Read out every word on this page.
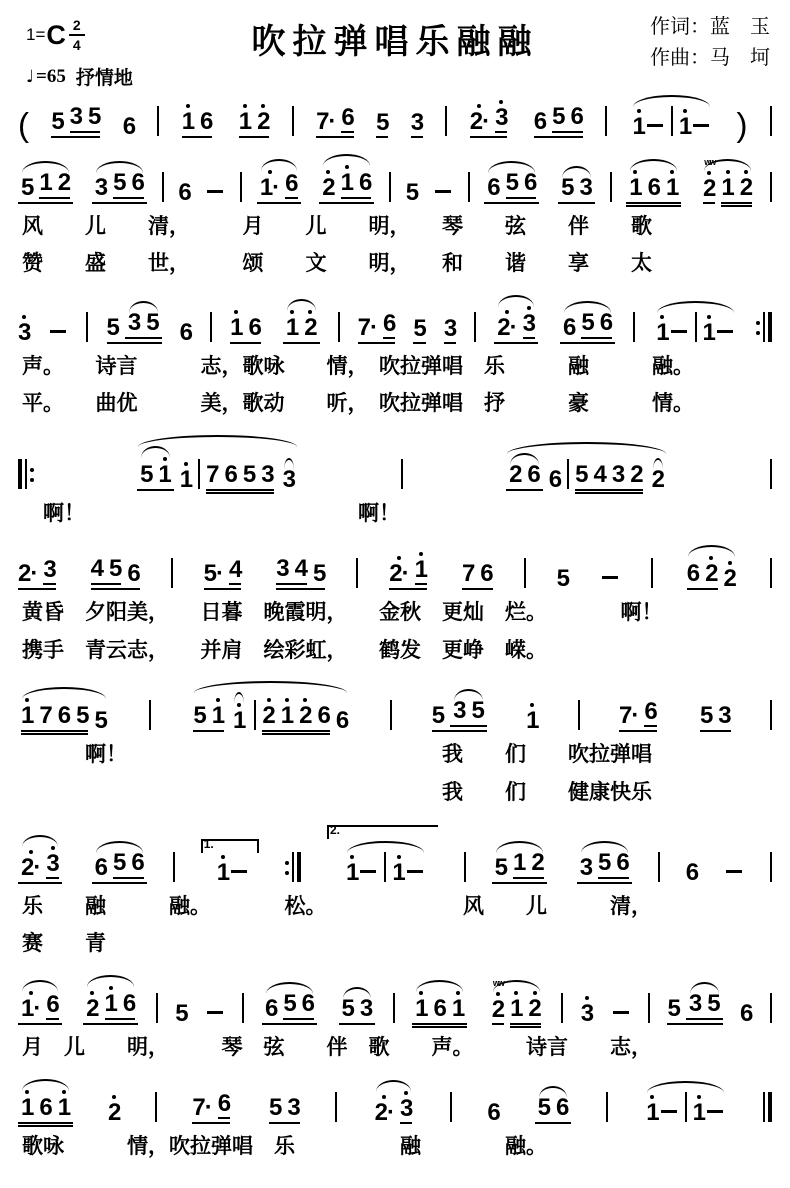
1= C $\frac{2}{4}$	吹拉弹唱乐融融	作词：蓝　玉
作曲：马　坷
♩ =65 抒情地
( 5 3 5 6 1 6 1 2 7· 6 5 3 2· 3 6 5 6 1 1 )
5 1 2 3 5 6 6	1· 6 2 1 6 5	6 5 6 5 3 1 6 1
ww
2 1 2
风　　儿　　清，　　　月　　儿　　明，　　琴　　弦　　伴　　歌
赞　　盛　　世，　　　颂　　文　　明，　　和　　谐　　享　　太
3	5 3 5 6 1 6 1 2 7· 6 5 3 2· 3 6 5 6 1 1
声。　　诗言　　　志，歌咏　　情，　吹拉弹唱　乐　　　融　　　融。
平。　　曲优　　　美，歌动　　听，　吹拉弹唱　抒　　　豪　　　情。
5 1 1 7 6 5 3 3	2 6 6 5 4 3 2 2
　啊！　　　　　　　　　　　　　啊！
2· 3 4 5 6	5· 4 3 4 5	2· 1 7 6	5	6 2 2
黄昏　夕阳美，　　日暮　晚霞明，　　金秋　更灿　烂。　　　　啊！
携手　青云志，　　并肩　绘彩虹，　　鹤发　更峥　嵘。
1 7 6 5 5	5 1 1 2 1 2 6 6	5 3 5 1	7· 6 5 3
　　　啊！　　　　　　　　　　　　　　　我　　们　　吹拉弹唱
　　　　　　　　　　　　　　　　　　　　我　　们　　健康快乐
2· 3 6 5 6
1.
1
2.
1 1	5 1 2 3 5 6 6
乐　　融　　　融。　　　　松。　　　　　　　风　　儿　　　清，
赛　　青
1· 6 2 1 6 5	6 5 6 5 3 1 6 1
ww
2 1 2 3	5 3 5 6
月　儿　　明，　　　琴　弦　　伴　歌　　声。　　　诗言　　志，
1 6 1 2	7· 6 5 3	2· 3	6 5 6	1 1
歌咏　　　情，吹拉弹唱　乐　　　　　融　　　　融。
